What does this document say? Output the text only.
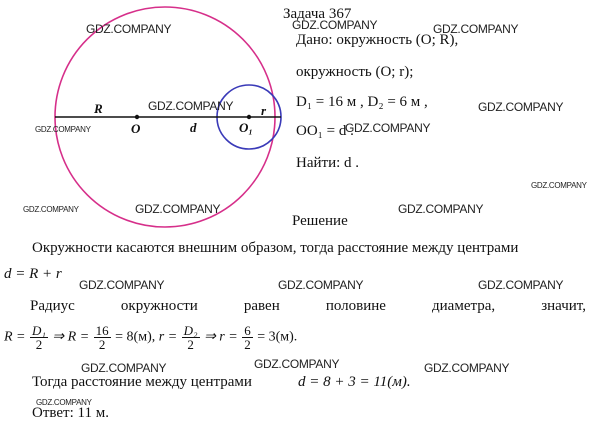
R
O	d	O₁
r
Задача 367
Дано: окружность (O; R),
окружность (O; r);
D₁ = 16 м , D₂ = 6 м ,
OO₁ = d .
Найти: d .
Решение
Окружности касаются внешним образом, тогда расстояние между центрами
d = R + r
Радиус	окружности	равен	половине	диаметра,	значит,
$R = \frac{\text{D₁}}{2}$ ⇒ $R = \frac{16}{2} = 8(м)$, $r = \frac{\text{D₂}}{2}$ ⇒ $r = \frac{6}{2} = 3(м)$.
Тогда расстояние между центрами	d = 8 + 3 = 11(м).
Ответ: 11 м.
GDZ.COMPANY	GDZ.COMPANY	GDZ.COMPANY
GDZ.COMPANY	GDZ.COMPANY
GDZ.COMPANY	GDZ.COMPANY
GDZ.COMPANY
GDZ.COMPANY	GDZ.COMPANY	GDZ.COMPANY
GDZ.COMPANY	GDZ.COMPANY	GDZ.COMPANY
GDZ.COMPANY	GDZ.COMPANY	GDZ.COMPANY
GDZ.COMPANY
